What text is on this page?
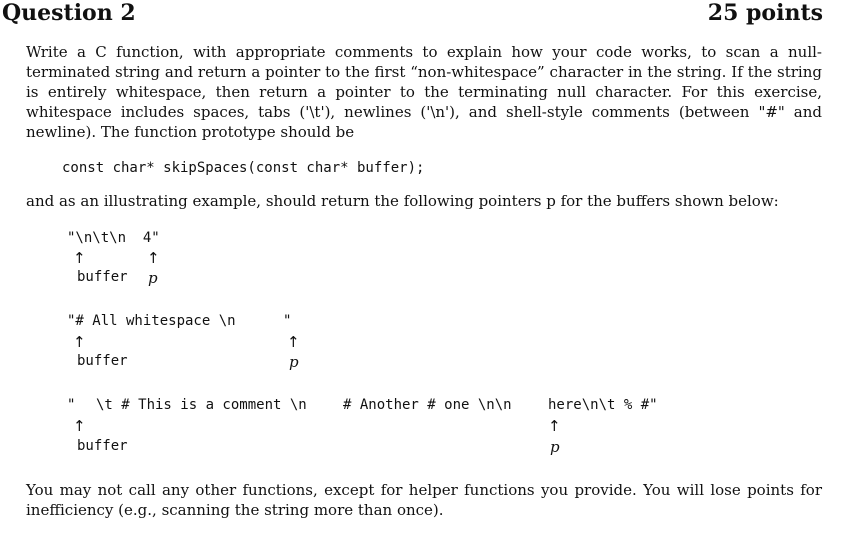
Question 2	25 points
Write a C function, with appropriate comments to explain how your code works, to scan a null-terminated string and return a pointer to the first “non-whitespace” character in the string. If the string is entirely whitespace, then return a pointer to the terminating null character. For this exercise, whitespace includes spaces, tabs ('\t'), newlines ('\n'), and shell-style comments (between "#" and newline). The function prototype should be
const char* skipSpaces(const char* buffer);
and as an illustrating example, should return the following pointers p for the buffers shown below:
"\n\t\n  4"
↑	↑
buffer p
"# All whitespace \n	"
↑	↑
buffer	p
" \t # This is a comment \n	# Another # one \n\n	here\n\t % #"
↑	↑
buffer	p
You may not call any other functions, except for helper functions you provide. You will lose points for inefficiency (e.g., scanning the string more than once).
